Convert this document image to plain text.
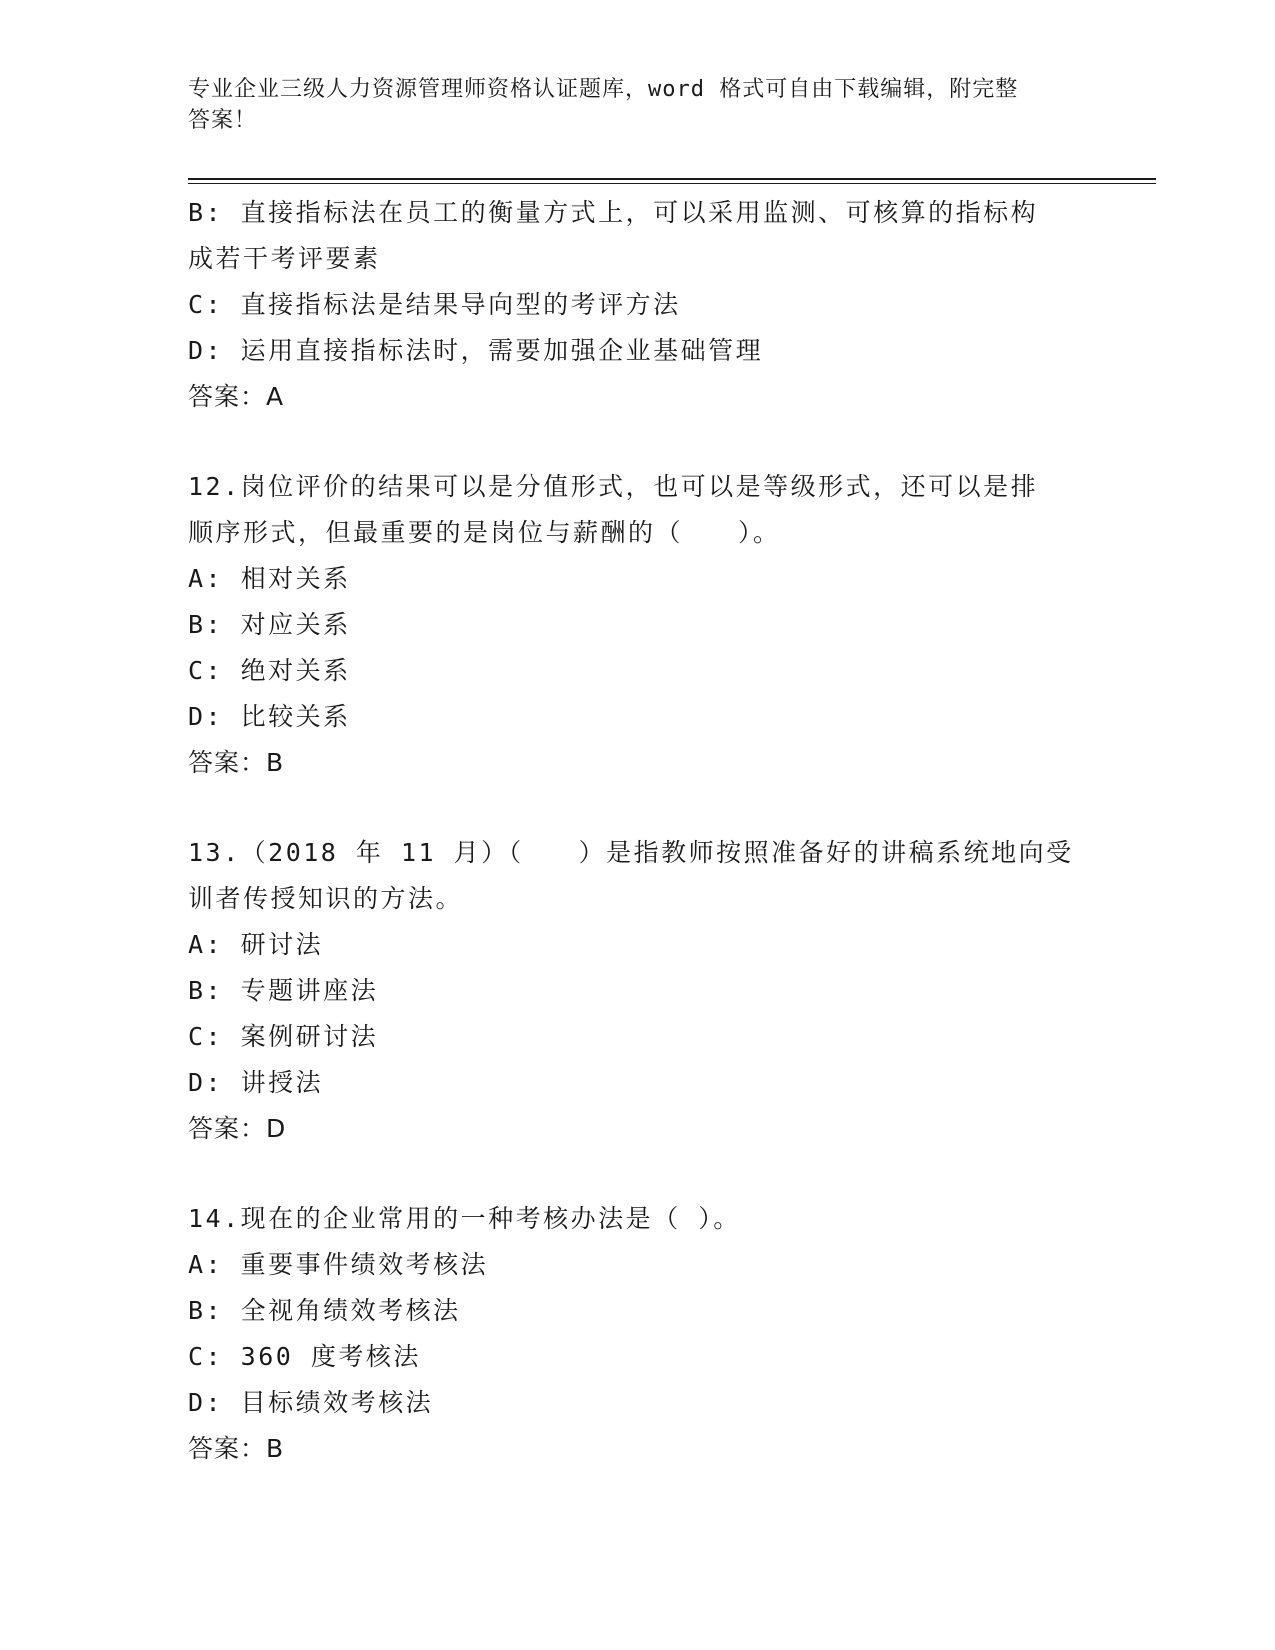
专业企业三级人力资源管理师资格认证题库，word 格式可自由下载编辑，附完整
答案！
B: 直接指标法在员工的衡量方式上，可以采用监测、可核算的指标构
成若干考评要素
C: 直接指标法是结果导向型的考评方法
D: 运用直接指标法时，需要加强企业基础管理
答案：A
12.岗位评价的结果可以是分值形式，也可以是等级形式，还可以是排
顺序形式，但最重要的是岗位与薪酬的（　　）。
A: 相对关系
B: 对应关系
C: 绝对关系
D: 比较关系
答案：B
13.（2018 年 11 月）（　　）是指教师按照准备好的讲稿系统地向受
训者传授知识的方法。
A: 研讨法
B: 专题讲座法
C: 案例研讨法
D: 讲授法
答案：D
14.现在的企业常用的一种考核办法是（ ）。
A: 重要事件绩效考核法
B: 全视角绩效考核法
C: 360 度考核法
D: 目标绩效考核法
答案：B
